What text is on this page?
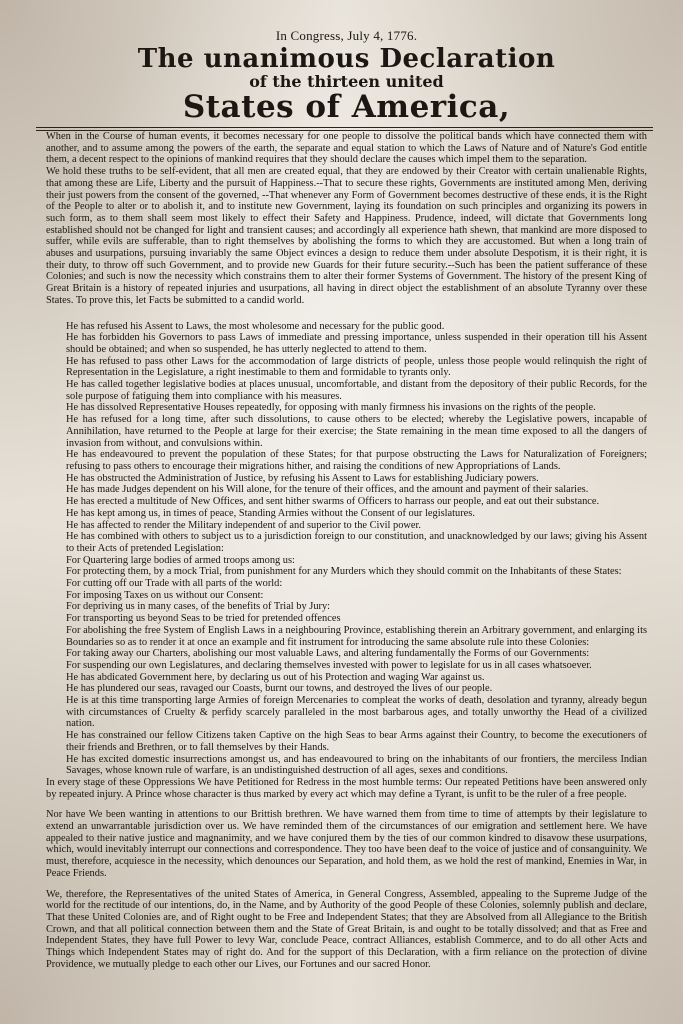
In Congress, July 4, 1776.

The unanimous Declaration

of the thirteen united

States of America,

When in the Course of human events, it becomes necessary for one people to dissolve the political bands which have connected them with another, and to assume among the powers of the earth, the separate and equal station to which the Laws of Nature and of Nature's God entitle them, a decent respect to the opinions of mankind requires that they should declare the causes which impel them to the separation.

We hold these truths to be self-evident, that all men are created equal, that they are endowed by their Creator with certain unalienable Rights, that among these are Life, Liberty and the pursuit of Happiness.--That to secure these rights, Governments are instituted among Men, deriving their just powers from the consent of the governed, --That whenever any Form of Government becomes destructive of these ends, it is the Right of the People to alter or to abolish it, and to institute new Government, laying its foundation on such principles and organizing its powers in such form, as to them shall seem most likely to effect their Safety and Happiness. Prudence, indeed, will dictate that Governments long established should not be changed for light and transient causes; and accordingly all experience hath shewn, that mankind are more disposed to suffer, while evils are sufferable, than to right themselves by abolishing the forms to which they are accustomed. But when a long train of abuses and usurpations, pursuing invariably the same Object evinces a design to reduce them under absolute Despotism, it is their right, it is their duty, to throw off such Government, and to provide new Guards for their future security.--Such has been the patient sufferance of these Colonies; and such is now the necessity which constrains them to alter their former Systems of Government. The history of the present King of Great Britain is a history of repeated injuries and usurpations, all having in direct object the establishment of an absolute Tyranny over these States. To prove this, let Facts be submitted to a candid world.

He has refused his Assent to Laws, the most wholesome and necessary for the public good.

He has forbidden his Governors to pass Laws of immediate and pressing importance, unless suspended in their operation till his Assent should be obtained; and when so suspended, he has utterly neglected to attend to them.

He has refused to pass other Laws for the accommodation of large districts of people, unless those people would relinquish the right of Representation in the Legislature, a right inestimable to them and formidable to tyrants only.

He has called together legislative bodies at places unusual, uncomfortable, and distant from the depository of their public Records, for the sole purpose of fatiguing them into compliance with his measures.

He has dissolved Representative Houses repeatedly, for opposing with manly firmness his invasions on the rights of the people.

He has refused for a long time, after such dissolutions, to cause others to be elected; whereby the Legislative powers, incapable of Annihilation, have returned to the People at large for their exercise; the State remaining in the mean time exposed to all the dangers of invasion from without, and convulsions within.

He has endeavoured to prevent the population of these States; for that purpose obstructing the Laws for Naturalization of Foreigners; refusing to pass others to encourage their migrations hither, and raising the conditions of new Appropriations of Lands.

He has obstructed the Administration of Justice, by refusing his Assent to Laws for establishing Judiciary powers.

He has made Judges dependent on his Will alone, for the tenure of their offices, and the amount and payment of their salaries.

He has erected a multitude of New Offices, and sent hither swarms of Officers to harrass our people, and eat out their substance.

He has kept among us, in times of peace, Standing Armies without the Consent of our legislatures.

He has affected to render the Military independent of and superior to the Civil power.

He has combined with others to subject us to a jurisdiction foreign to our constitution, and unacknowledged by our laws; giving his Assent to their Acts of pretended Legislation:

For Quartering large bodies of armed troops among us:

For protecting them, by a mock Trial, from punishment for any Murders which they should commit on the Inhabitants of these States:

For cutting off our Trade with all parts of the world:

For imposing Taxes on us without our Consent:

For depriving us in many cases, of the benefits of Trial by Jury:

For transporting us beyond Seas to be tried for pretended offences

For abolishing the free System of English Laws in a neighbouring Province, establishing therein an Arbitrary government, and enlarging its Boundaries so as to render it at once an example and fit instrument for introducing the same absolute rule into these Colonies:

For taking away our Charters, abolishing our most valuable Laws, and altering fundamentally the Forms of our Governments:

For suspending our own Legislatures, and declaring themselves invested with power to legislate for us in all cases whatsoever.

He has abdicated Government here, by declaring us out of his Protection and waging War against us.

He has plundered our seas, ravaged our Coasts, burnt our towns, and destroyed the lives of our people.

He is at this time transporting large Armies of foreign Mercenaries to compleat the works of death, desolation and tyranny, already begun with circumstances of Cruelty & perfidy scarcely paralleled in the most barbarous ages, and totally unworthy the Head of a civilized nation.

He has constrained our fellow Citizens taken Captive on the high Seas to bear Arms against their Country, to become the executioners of their friends and Brethren, or to fall themselves by their Hands.

He has excited domestic insurrections amongst us, and has endeavoured to bring on the inhabitants of our frontiers, the merciless Indian Savages, whose known rule of warfare, is an undistinguished destruction of all ages, sexes and conditions.

In every stage of these Oppressions We have Petitioned for Redress in the most humble terms: Our repeated Petitions have been answered only by repeated injury. A Prince whose character is thus marked by every act which may define a Tyrant, is unfit to be the ruler of a free people.

Nor have We been wanting in attentions to our Brittish brethren. We have warned them from time to time of attempts by their legislature to extend an unwarrantable jurisdiction over us. We have reminded them of the circumstances of our emigration and settlement here. We have appealed to their native justice and magnanimity, and we have conjured them by the ties of our common kindred to disavow these usurpations, which, would inevitably interrupt our connections and correspondence. They too have been deaf to the voice of justice and of consanguinity. We must, therefore, acquiesce in the necessity, which denounces our Separation, and hold them, as we hold the rest of mankind, Enemies in War, in Peace Friends.

We, therefore, the Representatives of the united States of America, in General Congress, Assembled, appealing to the Supreme Judge of the world for the rectitude of our intentions, do, in the Name, and by Authority of the good People of these Colonies, solemnly publish and declare, That these United Colonies are, and of Right ought to be Free and Independent States; that they are Absolved from all Allegiance to the British Crown, and that all political connection between them and the State of Great Britain, is and ought to be totally dissolved; and that as Free and Independent States, they have full Power to levy War, conclude Peace, contract Alliances, establish Commerce, and to do all other Acts and Things which Independent States may of right do. And for the support of this Declaration, with a firm reliance on the protection of divine Providence, we mutually pledge to each other our Lives, our Fortunes and our sacred Honor.
